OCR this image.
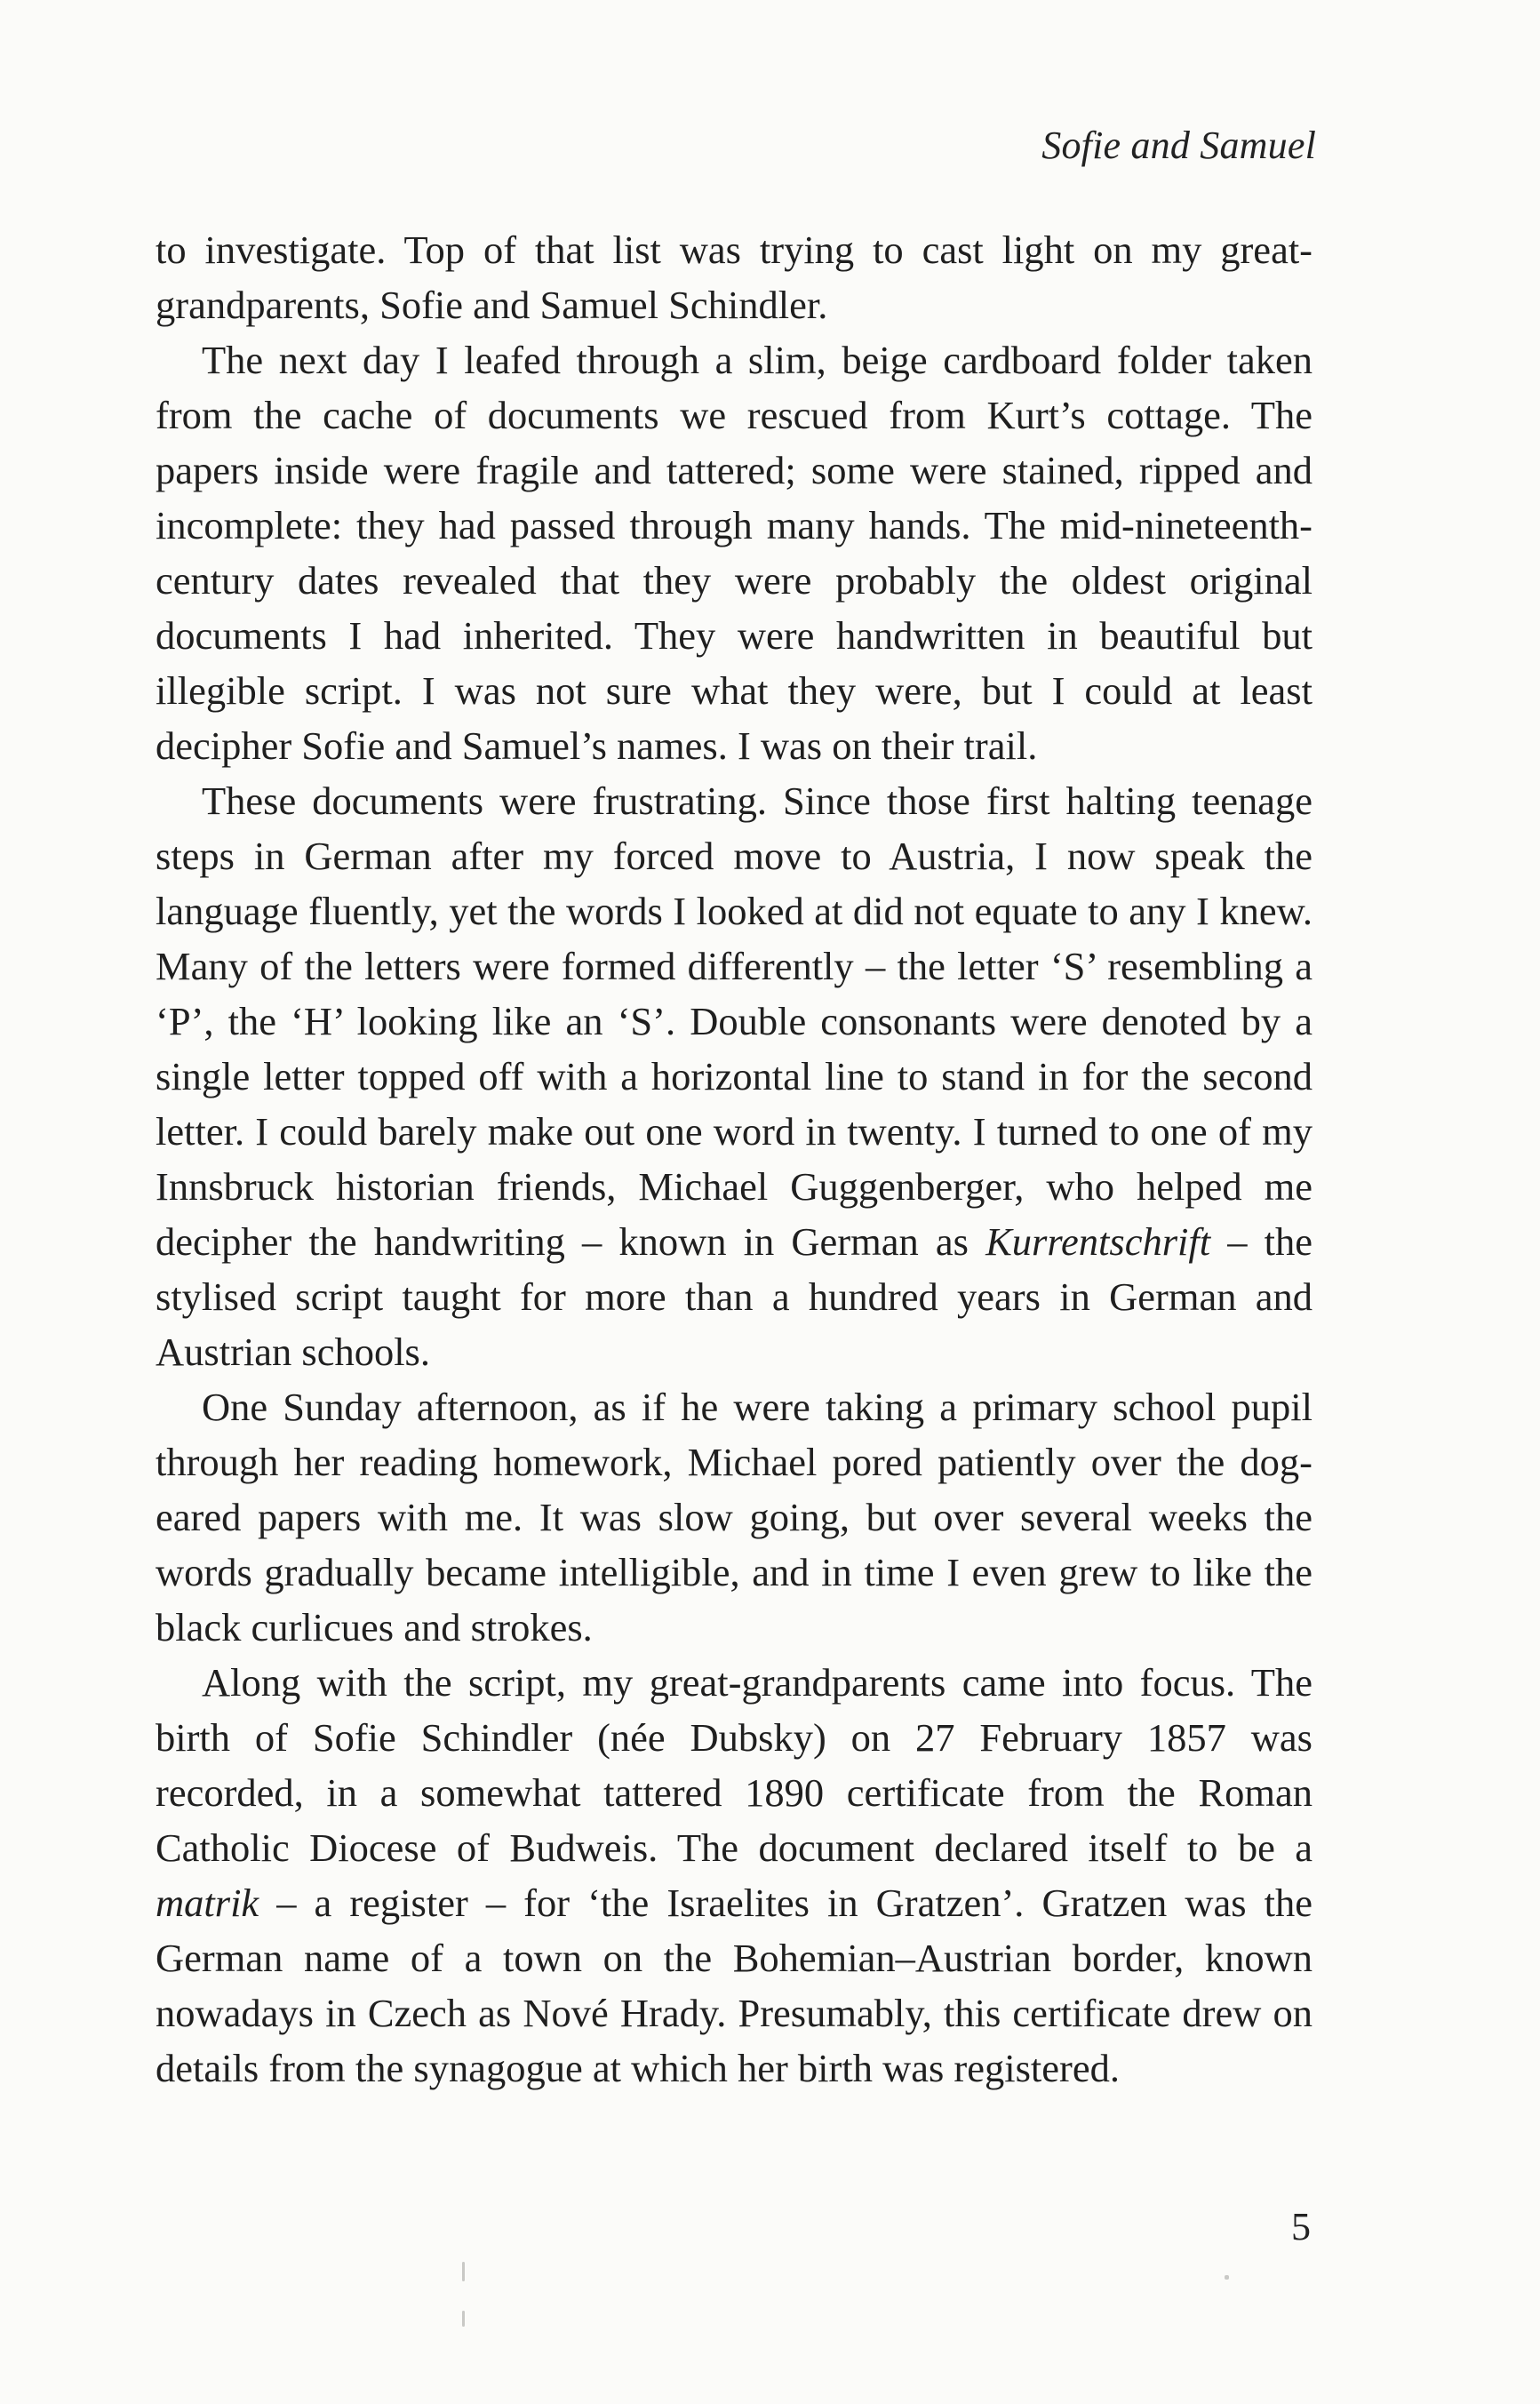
Sofie and Samuel

to investigate. Top of that list was trying to cast light on my great-grandparents, Sofie and Samuel Schindler.

The next day I leafed through a slim, beige cardboard folder taken from the cache of documents we rescued from Kurt’s cottage. The papers inside were fragile and tattered; some were stained, ripped and incomplete: they had passed through many hands. The mid-nineteenth-century dates revealed that they were probably the oldest original documents I had inherited. They were handwritten in beautiful but illegible script. I was not sure what they were, but I could at least decipher Sofie and Samuel’s names. I was on their trail.

These documents were frustrating. Since those first halting teenage steps in German after my forced move to Austria, I now speak the language fluently, yet the words I looked at did not equate to any I knew. Many of the letters were formed differently – the letter ‘S’ resembling a ‘P’, the ‘H’ looking like an ‘S’. Double consonants were denoted by a single letter topped off with a horizontal line to stand in for the second letter. I could barely make out one word in twenty. I turned to one of my Innsbruck historian friends, Michael Guggenberger, who helped me decipher the handwriting – known in German as Kurrentschrift – the stylised script taught for more than a hundred years in German and Austrian schools.

One Sunday afternoon, as if he were taking a primary school pupil through her reading homework, Michael pored patiently over the dog-eared papers with me. It was slow going, but over several weeks the words gradually became intelligible, and in time I even grew to like the black curlicues and strokes.

Along with the script, my great-grandparents came into focus. The birth of Sofie Schindler (née Dubsky) on 27 February 1857 was recorded, in a somewhat tattered 1890 certificate from the Roman Catholic Diocese of Budweis. The document declared itself to be a matrik – a register – for ‘the Israelites in Gratzen’. Gratzen was the German name of a town on the Bohemian–Austrian border, known nowadays in Czech as Nové Hrady. Presumably, this certificate drew on details from the synagogue at which her birth was registered.

5
